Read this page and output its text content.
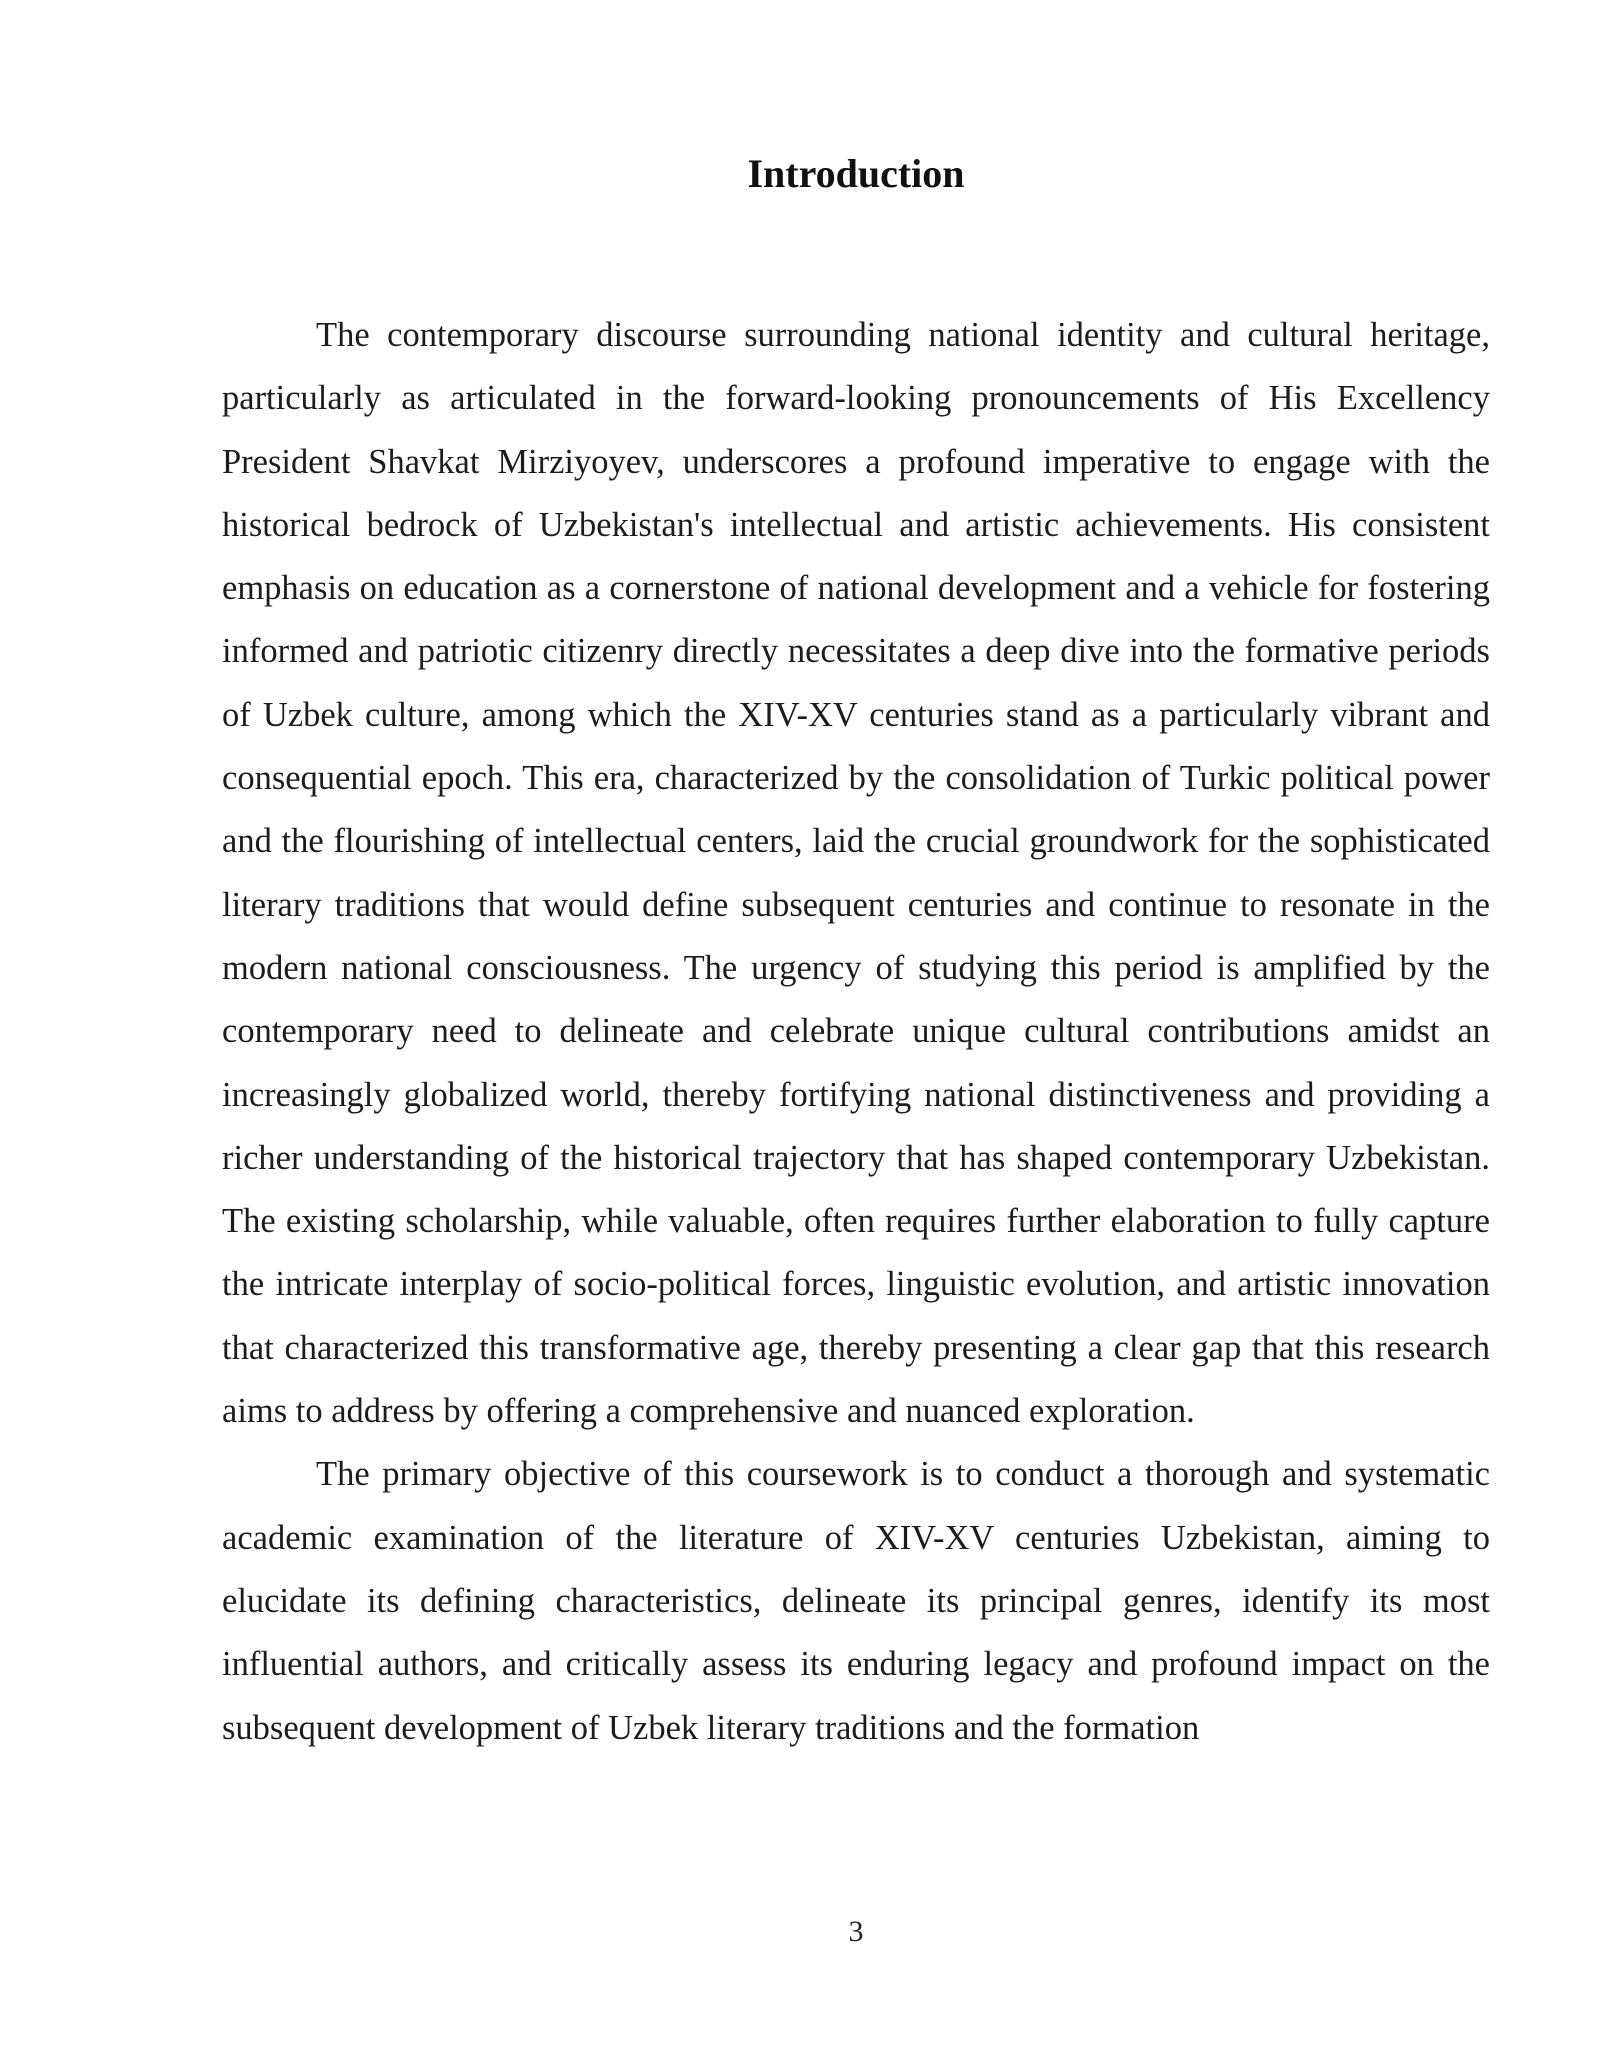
Introduction

The contemporary discourse surrounding national identity and cultural heritage, particularly as articulated in the forward-looking pronouncements of His Excellency President Shavkat Mirziyoyev, underscores a profound imperative to engage with the historical bedrock of Uzbekistan's intellectual and artistic achievements. His consistent emphasis on education as a cornerstone of national development and a vehicle for fostering informed and patriotic citizenry directly necessitates a deep dive into the formative periods of Uzbek culture, among which the XIV-XV centuries stand as a particularly vibrant and consequential epoch. This era, characterized by the consolidation of Turkic political power and the flourishing of intellectual centers, laid the crucial groundwork for the sophisticated literary traditions that would define subsequent centuries and continue to resonate in the modern national consciousness. The urgency of studying this period is amplified by the contemporary need to delineate and celebrate unique cultural contributions amidst an increasingly globalized world, thereby fortifying national distinctiveness and providing a richer understanding of the historical trajectory that has shaped contemporary Uzbekistan. The existing scholarship, while valuable, often requires further elaboration to fully capture the intricate interplay of socio-political forces, linguistic evolution, and artistic innovation that characterized this transformative age, thereby presenting a clear gap that this research aims to address by offering a comprehensive and nuanced exploration.

The primary objective of this coursework is to conduct a thorough and systematic academic examination of the literature of XIV-XV centuries Uzbekistan, aiming to elucidate its defining characteristics, delineate its principal genres, identify its most influential authors, and critically assess its enduring legacy and profound impact on the subsequent development of Uzbek literary traditions and the formation

3
